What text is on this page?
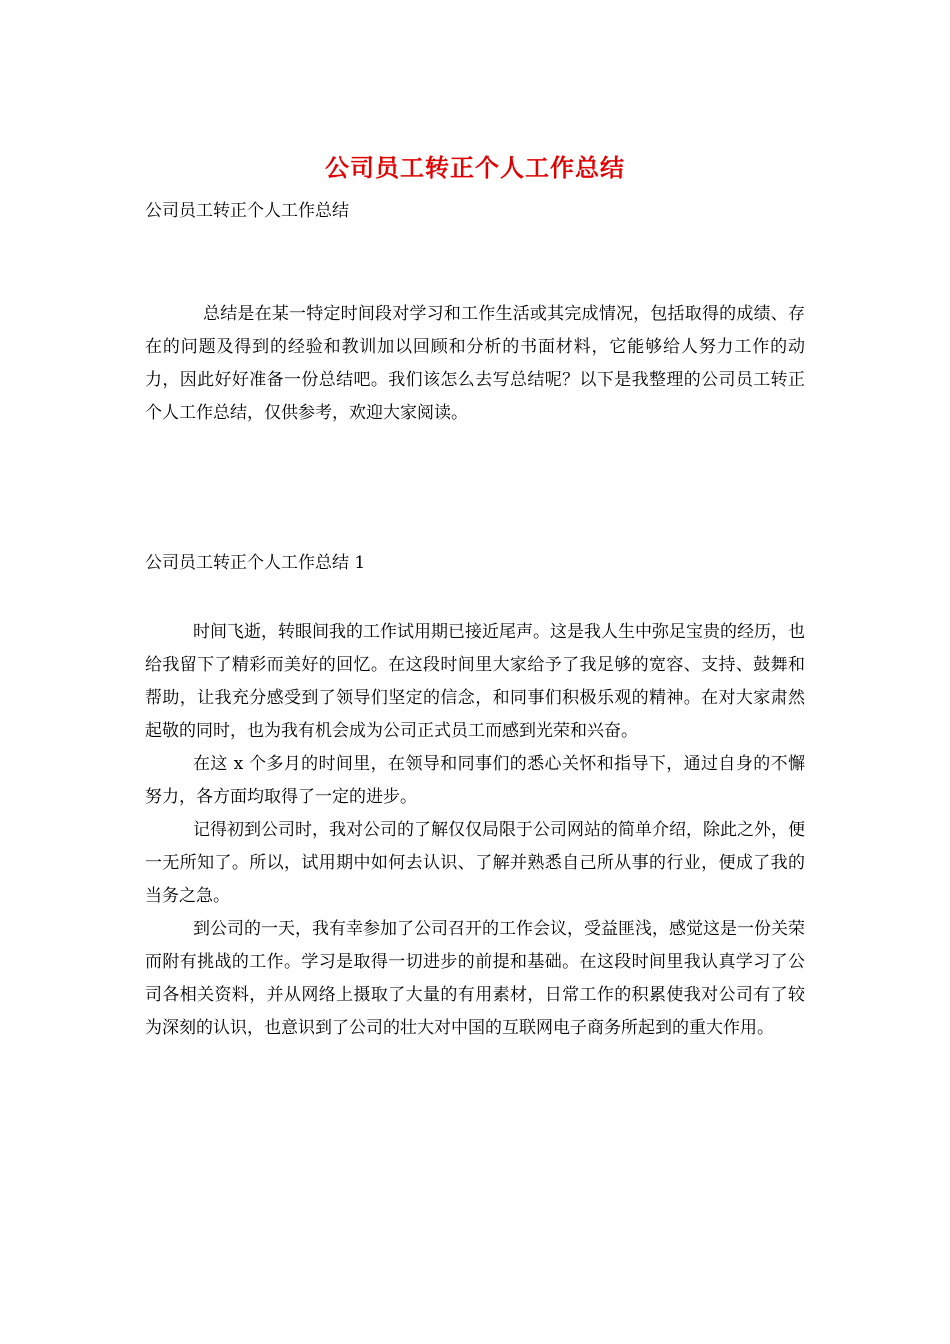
公司员工转正个人工作总结
公司员工转正个人工作总结

总结是在某一特定时间段对学习和工作生活或其完成情况，包括取得的成绩、存在的问题及得到的经验和教训加以回顾和分析的书面材料，它能够给人努力工作的动力，因此好好准备一份总结吧。我们该怎么去写总结呢？以下是我整理的公司员工转正个人工作总结，仅供参考，欢迎大家阅读。

公司员工转正个人工作总结 1

时间飞逝，转眼间我的工作试用期已接近尾声。这是我人生中弥足宝贵的经历，也给我留下了精彩而美好的回忆。在这段时间里大家给予了我足够的宽容、支持、鼓舞和帮助，让我充分感受到了领导们坚定的信念，和同事们积极乐观的精神。在对大家肃然起敬的同时，也为我有机会成为公司正式员工而感到光荣和兴奋。

在这 x 个多月的时间里，在领导和同事们的悉心关怀和指导下，通过自身的不懈努力，各方面均取得了一定的进步。

记得初到公司时，我对公司的了解仅仅局限于公司网站的简单介绍，除此之外，便一无所知了。所以，试用期中如何去认识、了解并熟悉自己所从事的行业，便成了我的当务之急。

到公司的一天，我有幸参加了公司召开的工作会议，受益匪浅，感觉这是一份关荣而附有挑战的工作。学习是取得一切进步的前提和基础。在这段时间里我认真学习了公司各相关资料，并从网络上摄取了大量的有用素材，日常工作的积累使我对公司有了较为深刻的认识，也意识到了公司的壮大对中国的互联网电子商务所起到的重大作用。
